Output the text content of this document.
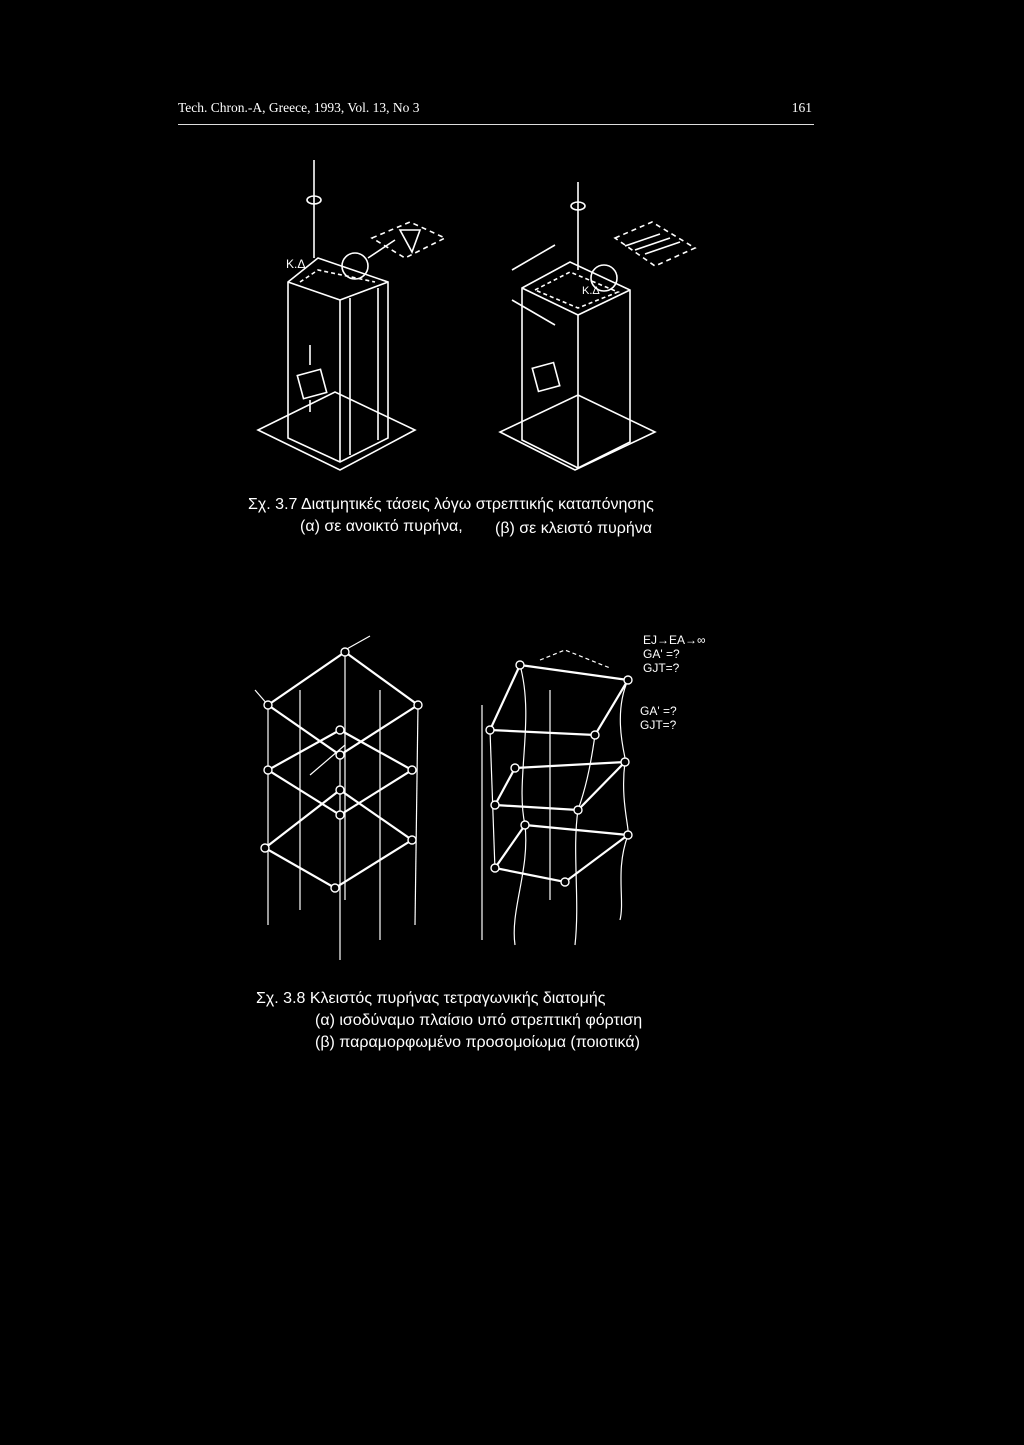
Tech. Chron.-A, Greece, 1993, Vol. 13, No 3	161
Κ.Δ
Κ.Δ
EJ→EA→∞
GA' =?
GJT=?
GA' =?
GJT=?
Σχ. 3.7 Διατμητικές τάσεις λόγω στρεπτικής καταπόνησης
(α) σε ανοικτό πυρήνα, (β) σε κλειστό πυρήνα
Σχ. 3.8 Κλειστός πυρήνας τετραγωνικής διατομής
(α) ισοδύναμο πλαίσιο υπό στρεπτική φόρτιση
(β) παραμορφωμένο προσομοίωμα (ποιοτικά)
